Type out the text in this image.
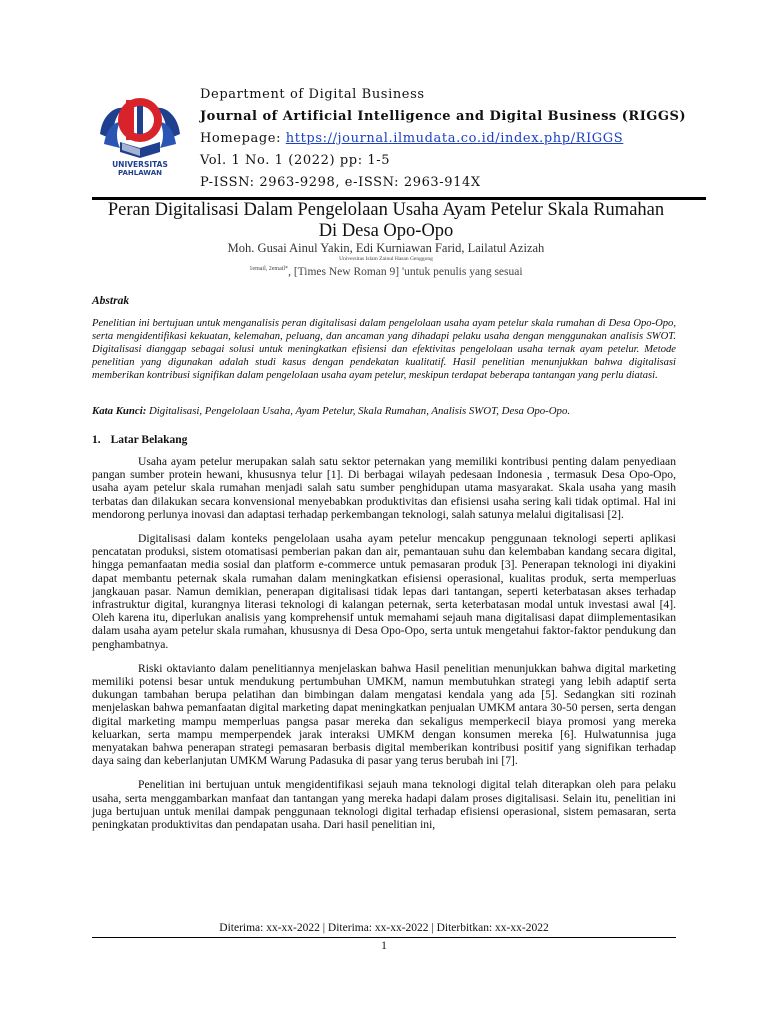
UNIVERSITAS
PAHLAWAN
Department of Digital Business
Journal of Artificial Intelligence and Digital Business (RIGGS)
Homepage: https://journal.ilmudata.co.id/index.php/RIGGS
Vol. 1 No. 1 (2022) pp: 1-5
P-ISSN: 2963-9298, e-ISSN: 2963-914X
Peran Digitalisasi Dalam Pengelolaan Usaha Ayam Petelur Skala Rumahan
Di Desa Opo-Opo
Moh. Gusai Ainul Yakin, Edi Kurniawan Farid, Lailatul Azizah
Universitas Islam Zainul Hasan Genggong
$^{1email, 2email*}$, [Times New Roman 9] 'untuk penulis yang sesuai
Abstrak
Penelitian ini bertujuan untuk menganalisis peran digitalisasi dalam pengelolaan usaha ayam petelur skala rumahan di Desa Opo-Opo, serta mengidentifikasi kekuatan, kelemahan, peluang, dan ancaman yang dihadapi pelaku usaha dengan menggunakan analisis SWOT. Digitalisasi dianggap sebagai solusi untuk meningkatkan efisiensi dan efektivitas pengelolaan usaha ternak ayam petelur. Metode penelitian yang digunakan adalah studi kasus dengan pendekatan kualitatif. Hasil penelitian menunjukkan bahwa digitalisasi memberikan kontribusi signifikan dalam pengelolaan usaha ayam petelur, meskipun terdapat beberapa tantangan yang perlu diatasi.
Kata Kunci: Digitalisasi, Pengelolaan Usaha, Ayam Petelur, Skala Rumahan, Analisis SWOT, Desa Opo-Opo.
1. Latar Belakang

Usaha ayam petelur merupakan salah satu sektor peternakan yang memiliki kontribusi penting dalam penyediaan pangan sumber protein hewani, khususnya telur [1]. Di berbagai wilayah pedesaan Indonesia , termasuk Desa Opo-Opo, usaha ayam petelur skala rumahan menjadi salah satu sumber penghidupan utama masyarakat. Skala usaha yang masih terbatas dan dilakukan secara konvensional menyebabkan produktivitas dan efisiensi usaha sering kali tidak optimal. Hal ini mendorong perlunya inovasi dan adaptasi terhadap perkembangan teknologi, salah satunya melalui digitalisasi [2].

Digitalisasi dalam konteks pengelolaan usaha ayam petelur mencakup penggunaan teknologi seperti aplikasi pencatatan produksi, sistem otomatisasi pemberian pakan dan air, pemantauan suhu dan kelembaban kandang secara digital, hingga pemanfaatan media sosial dan platform e-commerce untuk pemasaran produk [3]. Penerapan teknologi ini diyakini dapat membantu peternak skala rumahan dalam meningkatkan efisiensi operasional, kualitas produk, serta memperluas jangkauan pasar. Namun demikian, penerapan digitalisasi tidak lepas dari tantangan, seperti keterbatasan akses terhadap infrastruktur digital, kurangnya literasi teknologi di kalangan peternak, serta keterbatasan modal untuk investasi awal [4]. Oleh karena itu, diperlukan analisis yang komprehensif untuk memahami sejauh mana digitalisasi dapat diimplementasikan dalam usaha ayam petelur skala rumahan, khususnya di Desa Opo-Opo, serta untuk mengetahui faktor-faktor pendukung dan penghambatnya.

Riski oktavianto dalam penelitiannya menjelaskan bahwa Hasil penelitian menunjukkan bahwa digital marketing memiliki potensi besar untuk mendukung pertumbuhan UMKM, namun membutuhkan strategi yang lebih adaptif serta dukungan tambahan berupa pelatihan dan bimbingan dalam mengatasi kendala yang ada [5]. Sedangkan siti rozinah menjelaskan bahwa pemanfaatan digital marketing dapat meningkatkan penjualan UMKM antara 30-50 persen, serta dengan digital marketing mampu memperluas pangsa pasar mereka dan sekaligus memperkecil biaya promosi yang mereka keluarkan, serta mampu memperpendek jarak interaksi UMKM dengan konsumen mereka [6]. Hulwatunnisa juga menyatakan bahwa penerapan strategi pemasaran berbasis digital memberikan kontribusi positif yang signifikan terhadap daya saing dan keberlanjutan UMKM Warung Padasuka di pasar yang terus berubah ini [7].

Penelitian ini bertujuan untuk mengidentifikasi sejauh mana teknologi digital telah diterapkan oleh para pelaku usaha, serta menggambarkan manfaat dan tantangan yang mereka hadapi dalam proses digitalisasi. Selain itu, penelitian ini juga bertujuan untuk menilai dampak penggunaan teknologi digital terhadap efisiensi operasional, sistem pemasaran, serta peningkatan produktivitas dan pendapatan usaha. Dari hasil penelitian ini,

Diterima: xx-xx-2022 | Diterima: xx-xx-2022 | Diterbitkan: xx-xx-2022
1
